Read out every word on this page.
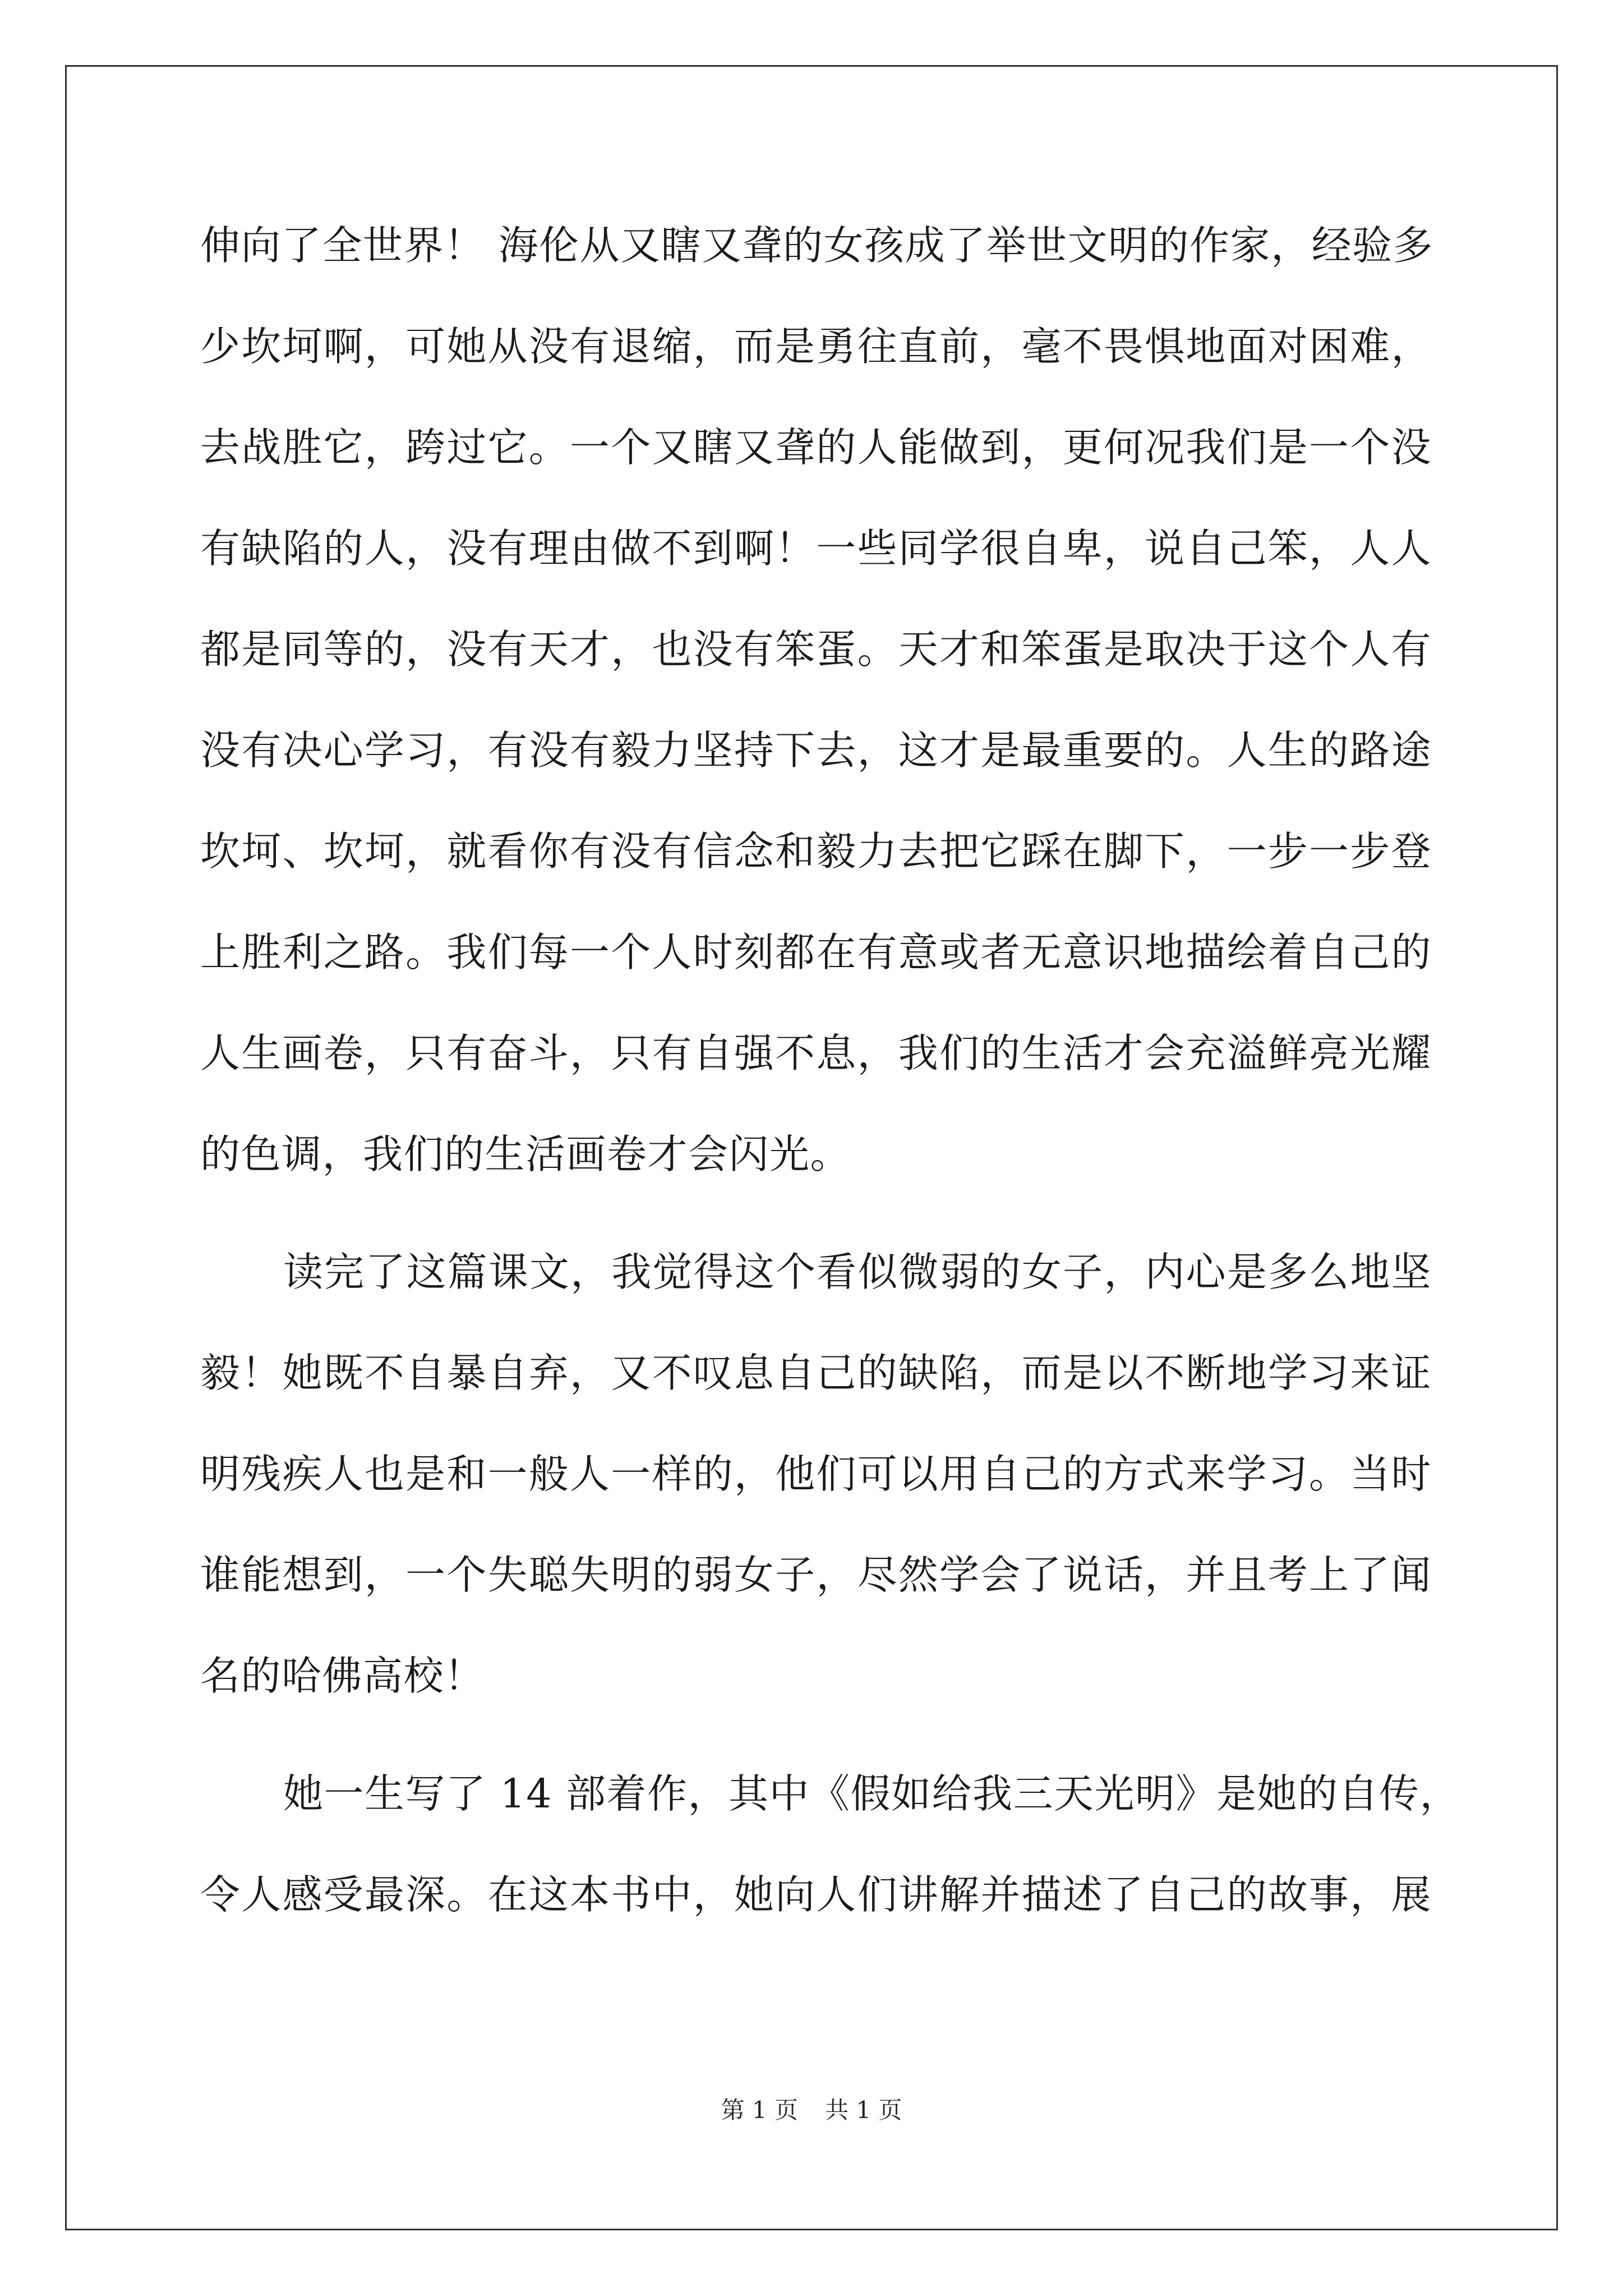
伸向了全世界！ 海伦从又瞎又聋的女孩成了举世文明的作家，经验多
少坎坷啊，可她从没有退缩，而是勇往直前，毫不畏惧地面对困难，
去战胜它，跨过它。一个又瞎又聋的人能做到，更何况我们是一个没
有缺陷的人，没有理由做不到啊！一些同学很自卑，说自己笨，人人
都是同等的，没有天才，也没有笨蛋。天才和笨蛋是取决于这个人有
没有决心学习，有没有毅力坚持下去，这才是最重要的。人生的路途
坎坷、坎坷，就看你有没有信念和毅力去把它踩在脚下，一步一步登
上胜利之路。我们每一个人时刻都在有意或者无意识地描绘着自己的
人生画卷，只有奋斗，只有自强不息，我们的生活才会充溢鲜亮光耀
的色调，我们的生活画卷才会闪光。
读完了这篇课文，我觉得这个看似微弱的女子，内心是多么地坚
毅！她既不自暴自弃，又不叹息自己的缺陷，而是以不断地学习来证
明残疾人也是和一般人一样的，他们可以用自己的方式来学习。当时
谁能想到，一个失聪失明的弱女子，尽然学会了说话，并且考上了闻
名的哈佛高校！
她一生写了 14 部着作，其中《假如给我三天光明》是她的自传，
令人感受最深。在这本书中，她向人们讲解并描述了自己的故事，展
第 1 页 共 1 页
